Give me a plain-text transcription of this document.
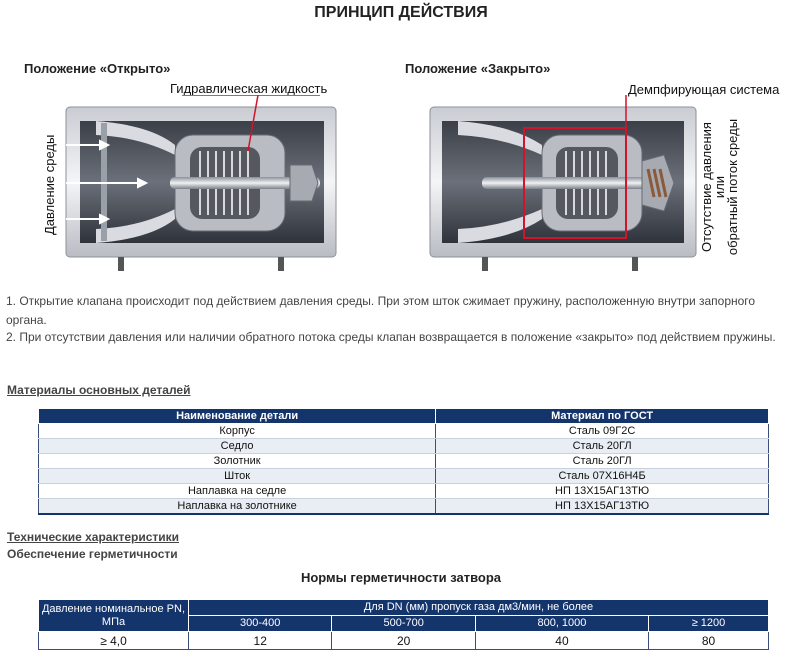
ПРИНЦИП ДЕЙСТВИЯ
Положение «Открыто»	Положение «Закрыто»
Гидравлическая жидкость	Демпфирующая система
Давление среды	Отсутствие давления
или
обратный поток среды
1. Открытие клапана происходит под действием давления среды. При этом шток сжимает пружину, расположенную внутри запорного органа.
2. При отсутствии давления или наличии обратного потока среды клапан возвращается в положение «закрыто» под действием пружины.
Материалы основных деталей
Наименование детали	Материал по ГОСТ
Корпус	Сталь 09Г2С
Седло	Сталь 20ГЛ
Золотник	Сталь 20ГЛ
Шток	Сталь 07Х16Н4Б
Наплавка на седле	НП 13Х15АГ13ТЮ
Наплавка на золотнике	НП 13Х15АГ13ТЮ
Технические характеристики
Обеспечение герметичности
Нормы герметичности затвора
Давление номинальное PN, МПа	Для DN (мм) пропуск газа дм3/мин, не более			
	300-400	500-700	800, 1000	≥ 1200
≥ 4,0	12	20	40	80
